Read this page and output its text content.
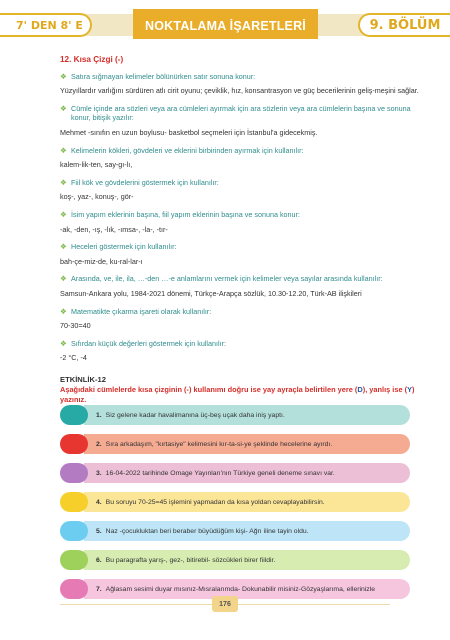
7' DEN 8' E	NOKTALAMA İŞARETLERİ	9. BÖLÜM
12. Kısa Çizgi (-)
❖ Satıra sığmayan kelimeler bölünürken satır sonuna konur:
Yüzyıllardır varlığını sürdüren atlı cirit oyunu; çeviklik, hız, konsantrasyon ve güç becerilerinin geliş-meşini sağlar.
❖ Cümle içinde ara sözleri veya ara cümleleri ayırmak için ara sözlerin veya ara cümlelerin başına ve sonuna konur, bitişik yazılır:
Mehmet -sınıfın en uzun boylusu- basketbol seçmeleri için İstanbul'a gidecekmiş.
❖ Kelimelerin kökleri, gövdeleri ve eklerini birbirinden ayırmak için kullanılır:
kalem-lik-ten, say-gı-lı,
❖ Fiil kök ve gövdelerini göstermek için kullanılır:
koş-, yaz-, konuş-, gör-
❖ İsim yapım eklerinin başına, fiil yapım eklerinin başına ve sonuna konur:
-ak, -den, -ış, -lık, -ımsa-, -la-, -tır-
❖ Heceleri göstermek için kullanılır:
bah-çe-miz-de, ku-ral-lar-ı
❖ Arasında, ve, ile, ila, …-den …-e anlamlarını vermek için kelimeler veya sayılar arasında kullanılır:
Samsun-Ankara yolu, 1984-2021 dönemi, Türkçe-Arapça sözlük, 10.30-12.20, Türk-AB ilişkileri
❖ Matematikte çıkarma işareti olarak kullanılır:
70-30=40
❖ Sıfırdan küçük değerleri göstermek için kullanılır:
-2 °C, -4
ETKİNLİK-12
Aşağıdaki cümlelerde kısa çizginin (-) kullanımı doğru ise yay ayraçla belirtilen yere (D), yanlış ise (Y) yazınız.
1. Siz gelene kadar havalimanına üç-beş uçak daha iniş yaptı.
2. Sıra arkadaşım, "kırtasiye" kelimesini kır-ta-si-ye şeklinde hecelerine ayırdı.
3. 16-04-2022 tarihinde Omage Yayınları'nın Türkiye geneli deneme sınavı var.
4. Bu soruyu 70-25=45 işlemini yapmadan da kısa yoldan cevaplayabilirsin.
5. Naz -çocukluktan beri beraber büyüdüğüm kişi- Ağrı iline tayin oldu.
6. Bu paragrafta yarış-, gez-, bitirebil- sözcükleri birer fiildir.
7. Ağlasam sesimi duyar mısınız-Mısralarımda- Dokunabilir misiniz-Gözyaşlarıma, ellerinizle
176
